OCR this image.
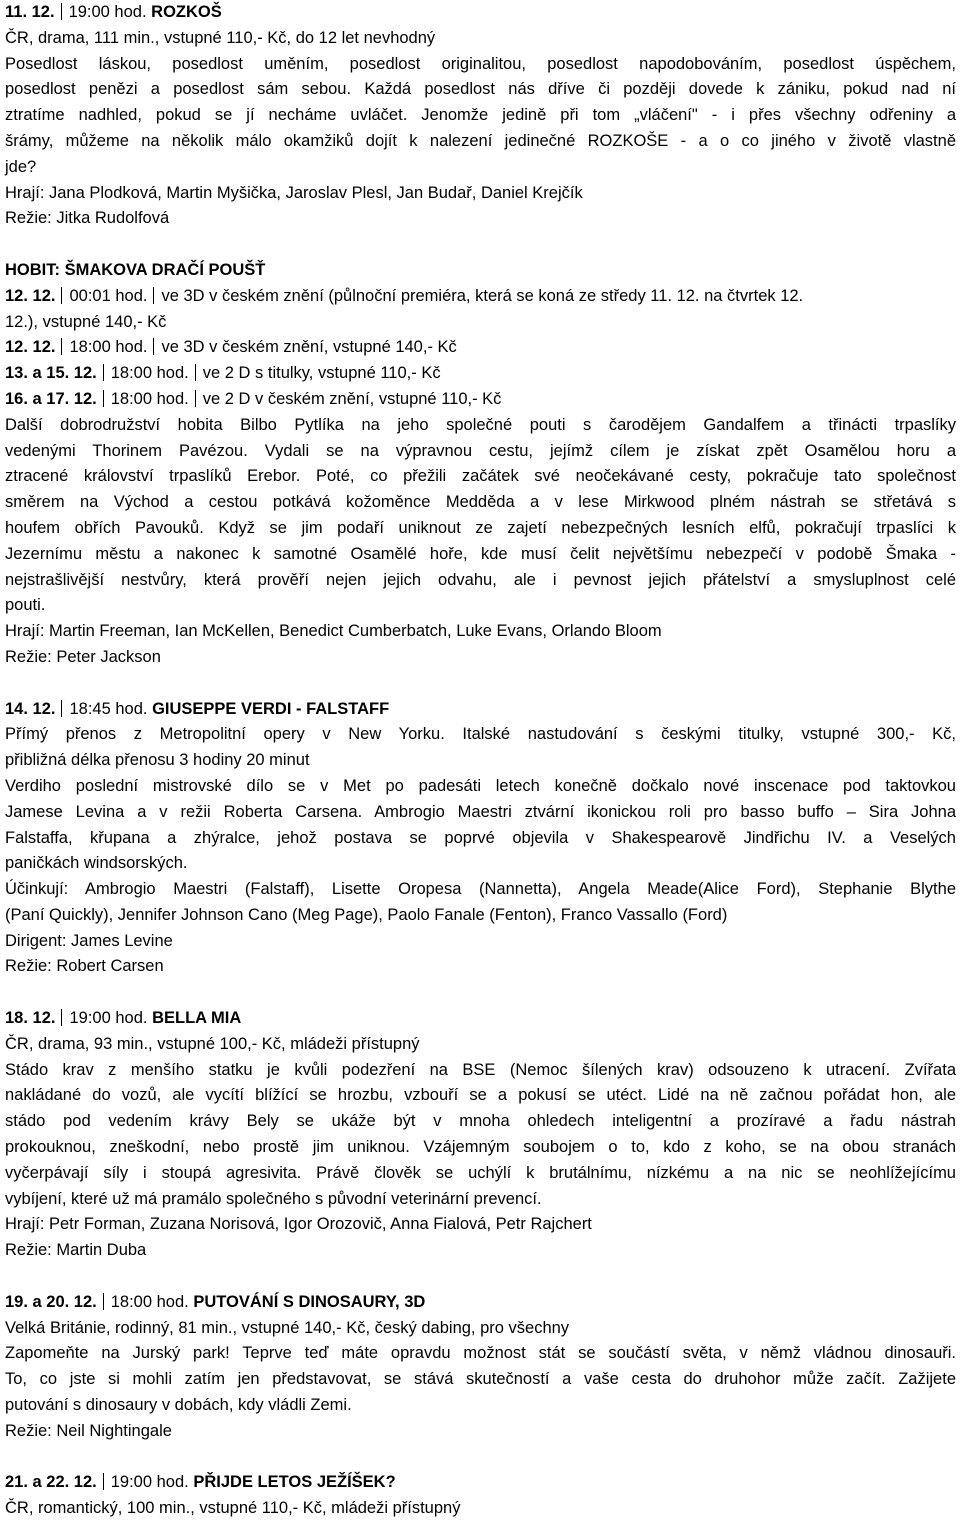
11. 12. 19:00 hod. ROZKOŠ
ČR, drama, 111 min., vstupné 110,- Kč, do 12 let nevhodný
Posedlost láskou, posedlost uměním, posedlost originalitou, posedlost napodobováním, posedlost úspěchem,
posedlost penězi a posedlost sám sebou. Každá posedlost nás dříve či později dovede k zániku, pokud nad ní
ztratíme nadhled, pokud se jí necháme uvláčet. Jenomže jedině při tom „vláčení" - i přes všechny odřeniny a
šrámy, můžeme na několik málo okamžiků dojít k nalezení jedinečné ROZKOŠE - a o co jiného v životě vlastně
jde?
Hrají: Jana Plodková, Martin Myšička, Jaroslav Plesl, Jan Budař, Daniel Krejčík
Režie: Jitka Rudolfová
HOBIT: ŠMAKOVA DRAČÍ POUŠŤ
12. 12. 00:01 hod. ve 3D v českém znění (půlnoční premiéra, která se koná ze středy 11. 12. na čtvrtek 12.
12.), vstupné 140,- Kč
12. 12. 18:00 hod. ve 3D v českém znění, vstupné 140,- Kč
13. a 15. 12. 18:00 hod. ve 2 D s titulky, vstupné 110,- Kč
16. a 17. 12. 18:00 hod. ve 2 D v českém znění, vstupné 110,- Kč
Další dobrodružství hobita Bilbo Pytlíka na jeho společné pouti s čarodějem Gandalfem a třinácti trpaslíky
vedenými Thorinem Pavézou. Vydali se na výpravnou cestu, jejímž cílem je získat zpět Osamělou horu a
ztracené království trpaslíků Erebor. Poté, co přežili začátek své neočekávané cesty, pokračuje tato společnost
směrem na Východ a cestou potkává kožoměnce Medděda a v lese Mirkwood plném nástrah se střetává s
houfem obřích Pavouků. Když se jim podaří uniknout ze zajetí nebezpečných lesních elfů, pokračují trpaslíci k
Jezernímu městu a nakonec k samotné Osamělé hoře, kde musí čelit největšímu nebezpečí v podobě Šmaka -
nejstrašlivější nestvůry, která prověří nejen jejich odvahu, ale i pevnost jejich přátelství a smysluplnost celé
pouti.
Hrají: Martin Freeman, Ian McKellen, Benedict Cumberbatch, Luke Evans, Orlando Bloom
Režie: Peter Jackson
14. 12. 18:45 hod. GIUSEPPE VERDI - FALSTAFF
Přímý přenos z Metropolitní opery v New Yorku. Italské nastudování s českými titulky, vstupné 300,- Kč,
přibližná délka přenosu 3 hodiny 20 minut
Verdiho poslední mistrovské dílo se v Met po padesáti letech konečně dočkalo nové inscenace pod taktovkou
Jamese Levina a v režii Roberta Carsena. Ambrogio Maestri ztvární ikonickou roli pro basso buffo – Sira Johna
Falstaffa, křupana a zhýralce, jehož postava se poprvé objevila v Shakespearově Jindřichu IV. a Veselých
paničkách windsorských.
Účinkují: Ambrogio Maestri (Falstaff), Lisette Oropesa (Nannetta), Angela Meade(Alice Ford), Stephanie Blythe
(Paní Quickly), Jennifer Johnson Cano (Meg Page), Paolo Fanale (Fenton), Franco Vassallo (Ford)
Dirigent: James Levine
Režie: Robert Carsen
18. 12. 19:00 hod. BELLA MIA
ČR, drama, 93 min., vstupné 100,- Kč, mládeži přístupný
Stádo krav z menšího statku je kvůli podezření na BSE (Nemoc šílených krav) odsouzeno k utracení. Zvířata
nakládané do vozů, ale vycítí blížící se hrozbu, vzbouří se a pokusí se utéct. Lidé na ně začnou pořádat hon, ale
stádo pod vedením krávy Bely se ukáže být v mnoha ohledech inteligentní a prozíravé a řadu nástrah
prokouknou, zneškodní, nebo prostě jim uniknou. Vzájemným soubojem o to, kdo z koho, se na obou stranách
vyčerpávají síly i stoupá agresivita. Právě člověk se uchýlí k brutálnímu, nízkému a na nic se neohlížejícímu
vybíjení, které už má pramálo společného s původní veterinární prevencí.
Hrají: Petr Forman, Zuzana Norisová, Igor Orozovič, Anna Fialová, Petr Rajchert
Režie: Martin Duba
19. a 20. 12. 18:00 hod. PUTOVÁNÍ S DINOSAURY, 3D
Velká Británie, rodinný, 81 min., vstupné 140,- Kč, český dabing, pro všechny
Zapomeňte na Jurský park! Teprve teď máte opravdu možnost stát se součástí světa, v němž vládnou dinosauři.
To, co jste si mohli zatím jen představovat, se stává skutečností a vaše cesta do druhohor může začít. Zažijete
putování s dinosaury v dobách, kdy vládli Zemi.
Režie: Neil Nightingale
21. a 22. 12. 19:00 hod. PŘIJDE LETOS JEŽÍŠEK?
ČR, romantický, 100 min., vstupné 110,- Kč, mládeži přístupný
